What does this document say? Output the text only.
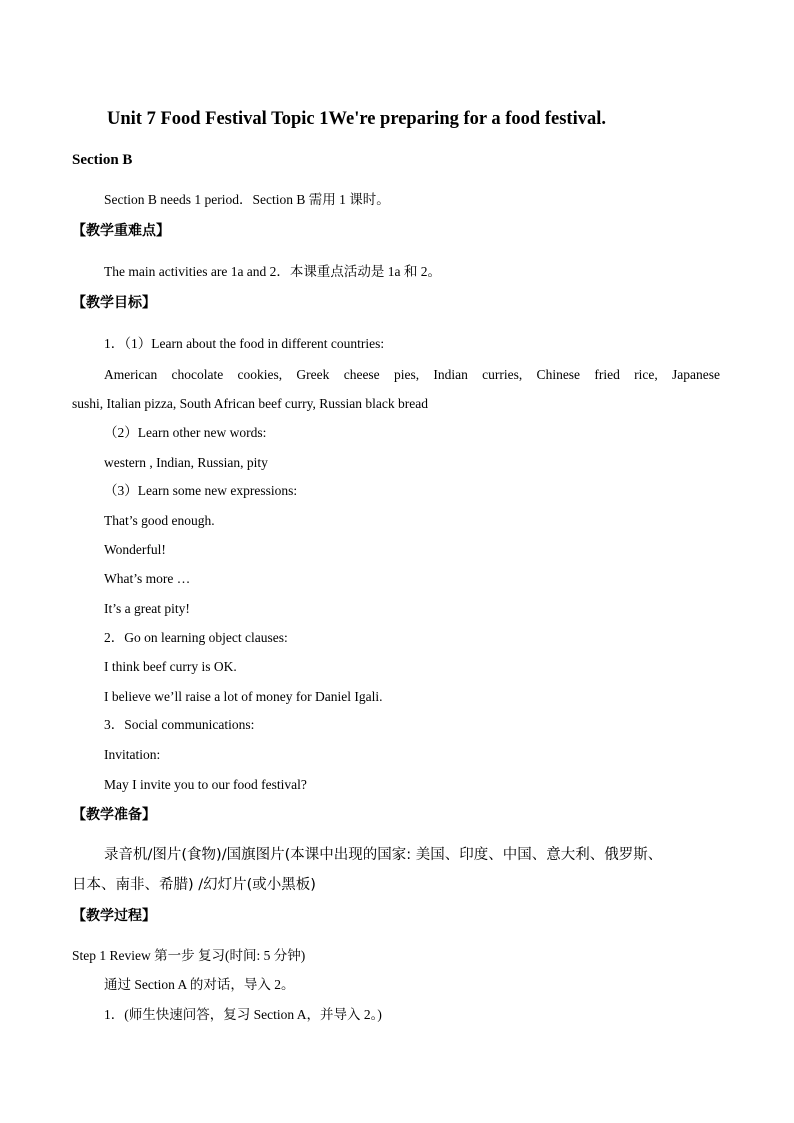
Unit 7 Food Festival Topic 1We're preparing for a food festival.
Section B
Section B needs 1 period．Section B 需用 1 课时。
【教学重难点】
The main activities are 1a and 2．本课重点活动是 1a 和 2。
【教学目标】
1．（1）Learn about the food in different countries:
American chocolate cookies, Greek cheese pies, Indian curries, Chinese fried rice, Japanese
sushi, Italian pizza, South African beef curry, Russian black bread
（2）Learn other new words:
western , Indian, Russian, pity
（3）Learn some new expressions:
That’s good enough.
Wonderful!
What’s more …
It’s a great pity!
2．Go on learning object clauses:
I think beef curry is OK.
I believe we’ll raise a lot of money for Daniel Igali.
3．Social communications:
Invitation:
May I invite you to our food festival?
【教学准备】
录音机/图片(食物)/国旗图片(本课中出现的国家: 美国、印度、中国、意大利、俄罗斯、
日本、南非、希腊) /幻灯片(或小黑板)
【教学过程】
Step 1 Review 第一步 复习(时间: 5 分钟)
通过 Section A 的对话，导入 2。
1．(师生快速问答，复习 Section A，并导入 2。)
